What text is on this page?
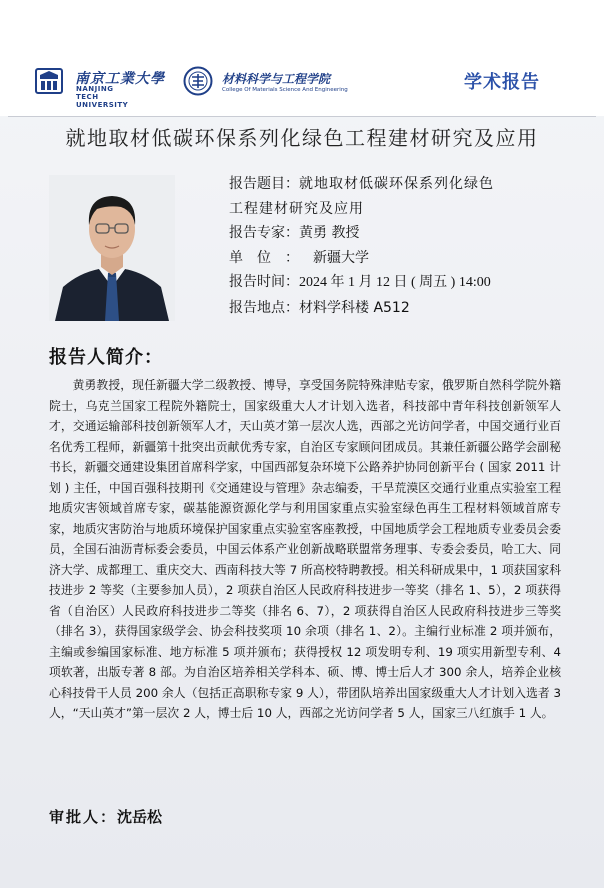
南京工業大學
NANJING TECH UNIVERSITY
材料科学与工程学院
College Of Materials Science And Engineering	学术报告
就地取材低碳环保系列化绿色工程建材研究及应用
报告题目：就地取材低碳环保系列化绿色
工程建材研究及应用
报告专家：黄勇 教授
单位：新疆大学
报告时间：2024 年 1 月 12 日 ( 周五 ) 14:00
报告地点：材料学科楼 A512
报告人简介：

黄勇教授，现任新疆大学二级教授、博导，享受国务院特殊津贴专家，俄罗斯自然科学院外籍院士，乌克兰国家工程院外籍院士，国家级重大人才计划入选者，科技部中青年科技创新领军人才，交通运输部科技创新领军人才，天山英才第一层次人选，西部之光访问学者，中国交通行业百名优秀工程师，新疆第十批突出贡献优秀专家，自治区专家顾问团成员。其兼任新疆公路学会副秘书长，新疆交通建设集团首席科学家，中国西部复杂环境下公路养护协同创新平台 ( 国家 2011 计划 ) 主任，中国百强科技期刊《交通建设与管理》杂志编委，干旱荒漠区交通行业重点实验室工程地质灾害领域首席专家，碳基能源资源化学与利用国家重点实验室绿色再生工程材料领域首席专家，地质灾害防治与地质环境保护国家重点实验室客座教授，中国地质学会工程地质专业委员会委员，全国石油沥青标委会委员，中国云体系产业创新战略联盟常务理事、专委会委员，哈工大、同济大学、成都理工、重庆交大、西南科技大等 7 所高校特聘教授。相关科研成果中，1 项获国家科技进步 2 等奖（主要参加人员），2 项获自治区人民政府科技进步一等奖（排名 1、5），2 项获得省（自治区）人民政府科技进步二等奖（排名 6、7），2 项获得自治区人民政府科技进步三等奖（排名 3），获得国家级学会、协会科技奖项 10 余项（排名 1、2）。主编行业标准 2 项并颁布，主编或参编国家标准、地方标准 5 项并颁布；获得授权 12 项发明专利、19 项实用新型专利、4 项软著，出版专著 8 部。为自治区培养相关学科本、硕、博、博士后人才 300 余人，培养企业核心科技骨干人员 200 余人（包括正高职称专家 9 人），带团队培养出国家级重大人才计划入选者 3 人，“天山英才”第一层次 2 人，博士后 10 人，西部之光访问学者 5 人，国家三八红旗手 1 人。

审批人：沈岳松
